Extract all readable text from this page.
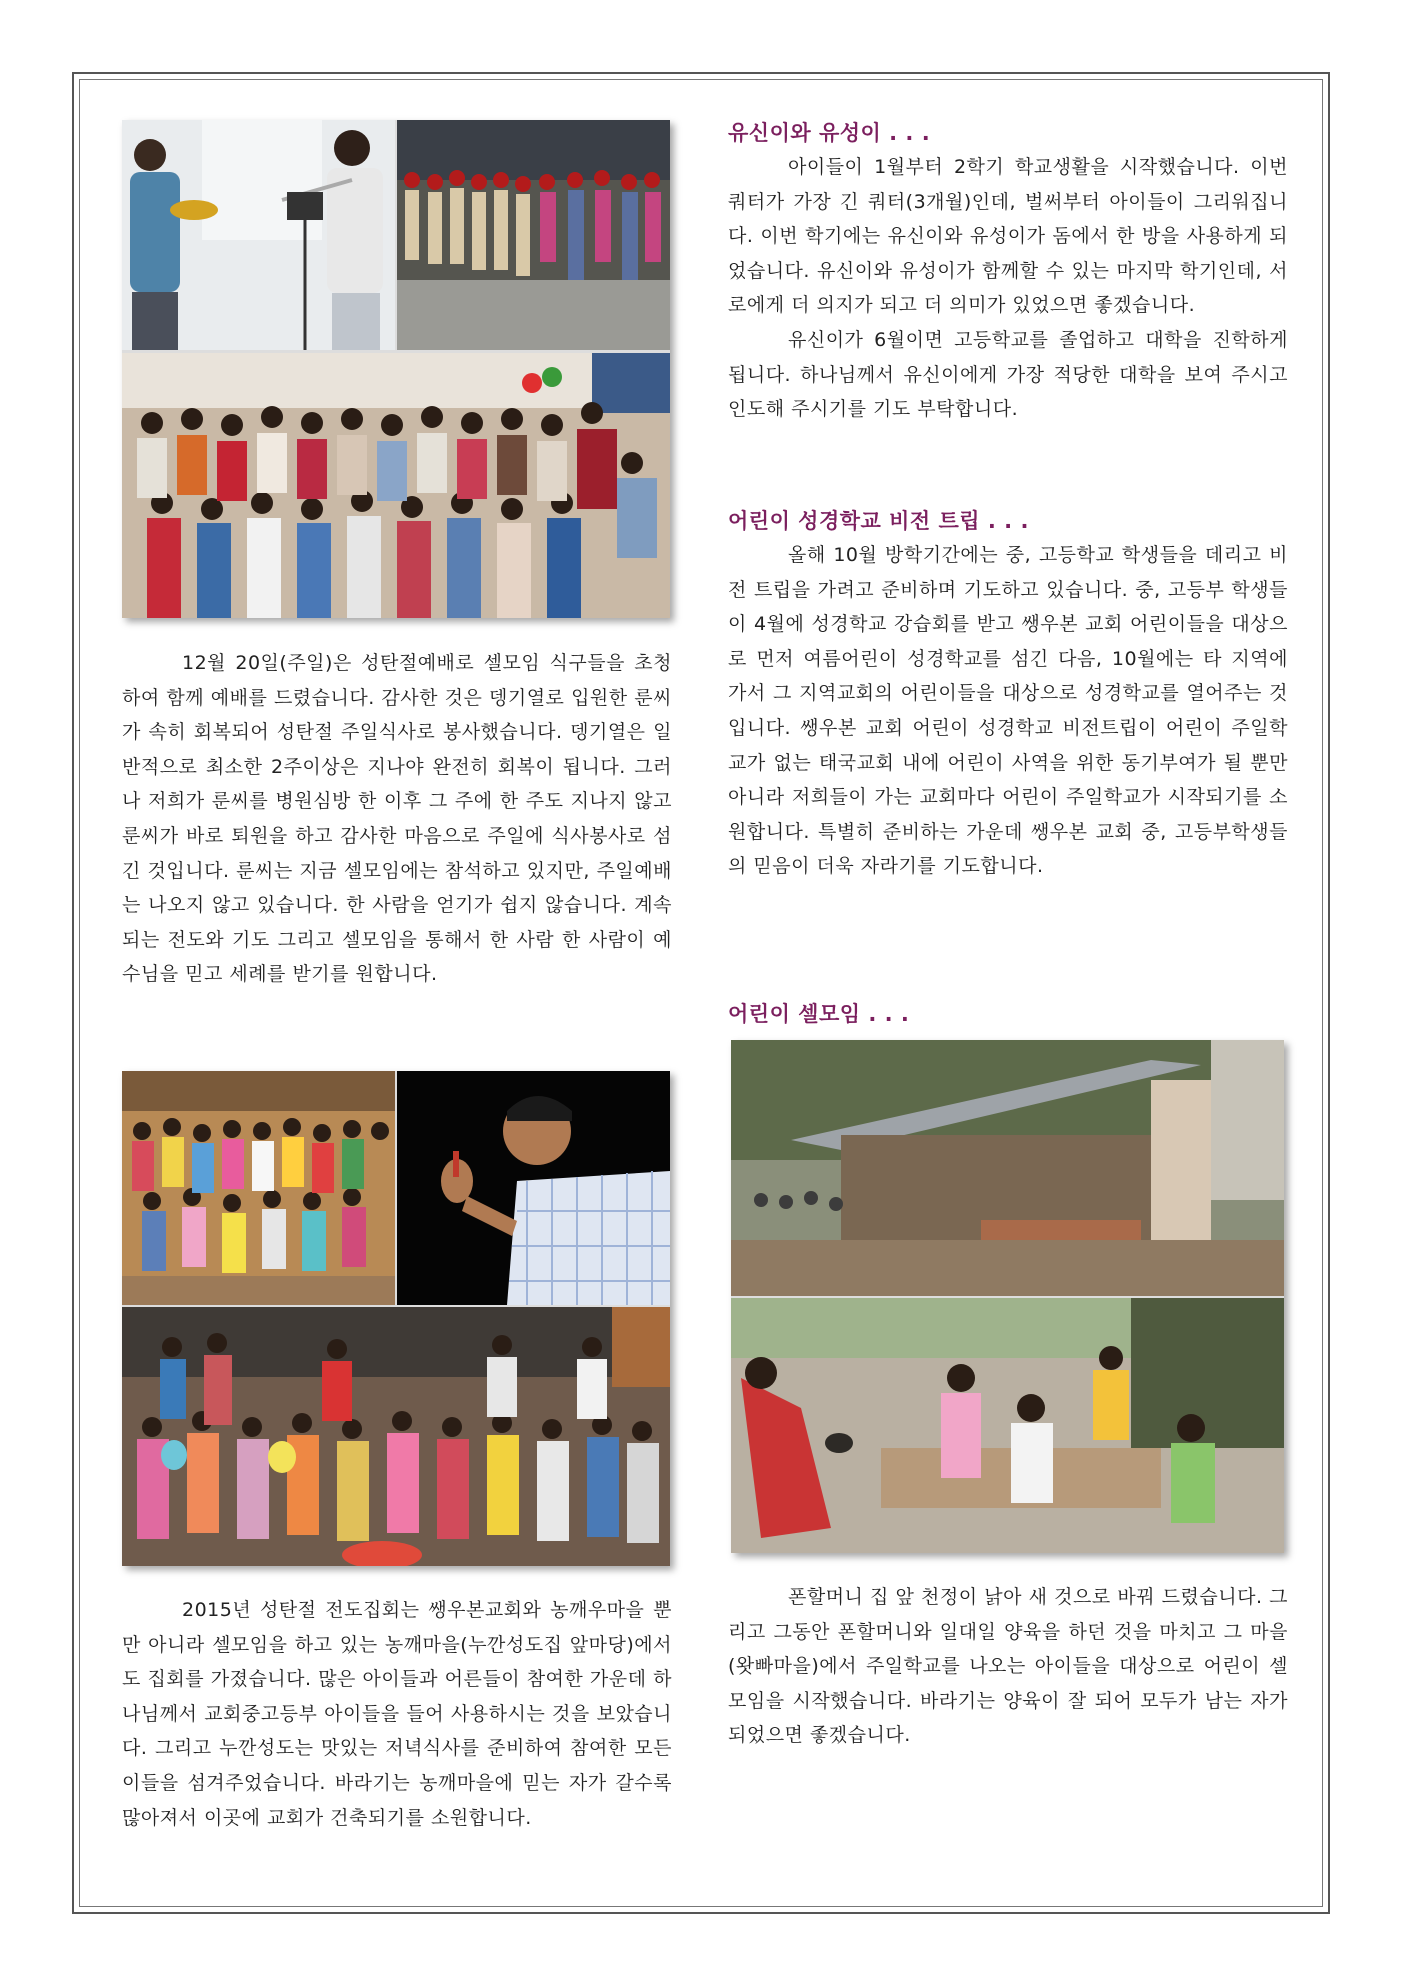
12월 20일(주일)은 성탄절예배로 셀모임 식구들을 초청하여 함께 예배를 드렸습니다. 감사한 것은 뎅기열로 입원한 룬씨가 속히 회복되어 성탄절 주일식사로 봉사했습니다. 뎅기열은 일반적으로 최소한 2주이상은 지나야 완전히 회복이 됩니다. 그러나 저희가 룬씨를 병원심방 한 이후 그 주에 한 주도 지나지 않고 룬씨가 바로 퇴원을 하고 감사한 마음으로 주일에 식사봉사로 섬긴 것입니다. 룬씨는 지금 셀모임에는 참석하고 있지만, 주일예배는 나오지 않고 있습니다. 한 사람을 얻기가 쉽지 않습니다. 계속되는 전도와 기도 그리고 셀모임을 통해서 한 사람 한 사람이 예수님을 믿고 세례를 받기를 원합니다.

2015년 성탄절 전도집회는 쌩우본교회와 농깨우마을 뿐만 아니라 셀모임을 하고 있는 농깨마을(누깐성도집 앞마당)에서도 집회를 가졌습니다. 많은 아이들과 어른들이 참여한 가운데 하나님께서 교회중고등부 아이들을 들어 사용하시는 것을 보았습니다. 그리고 누깐성도는 맛있는 저녁식사를 준비하여 참여한 모든 이들을 섬겨주었습니다. 바라기는 농깨마을에 믿는 자가 갈수록 많아져서 이곳에 교회가 건축되기를 소원합니다.

유신이와 유성이 . . .

아이들이 1월부터 2학기 학교생활을 시작했습니다. 이번 쿼터가 가장 긴 쿼터(3개월)인데, 벌써부터 아이들이 그리워집니다. 이번 학기에는 유신이와 유성이가 돔에서 한 방을 사용하게 되었습니다. 유신이와 유성이가 함께할 수 있는 마지막 학기인데, 서로에게 더 의지가 되고 더 의미가 있었으면 좋겠습니다.

유신이가 6월이면 고등학교를 졸업하고 대학을 진학하게 됩니다. 하나님께서 유신이에게 가장 적당한 대학을 보여 주시고 인도해 주시기를 기도 부탁합니다.

어린이 성경학교 비전 트립 . . .

올해 10월 방학기간에는 중, 고등학교 학생들을 데리고 비전 트립을 가려고 준비하며 기도하고 있습니다. 중, 고등부 학생들이 4월에 성경학교 강습회를 받고 쌩우본 교회 어린이들을 대상으로 먼저 여름어린이 성경학교를 섬긴 다음, 10월에는 타 지역에 가서 그 지역교회의 어린이들을 대상으로 성경학교를 열어주는 것입니다. 쌩우본 교회 어린이 성경학교 비전트립이 어린이 주일학교가 없는 태국교회 내에 어린이 사역을 위한 동기부여가 될 뿐만 아니라 저희들이 가는 교회마다 어린이 주일학교가 시작되기를 소원합니다. 특별히 준비하는 가운데 쌩우본 교회 중, 고등부학생들의 믿음이 더욱 자라기를 기도합니다.

어린이 셀모임 . . .

폰할머니 집 앞 천정이 낡아 새 것으로 바꿔 드렸습니다. 그리고 그동안 폰할머니와 일대일 양육을 하던 것을 마치고 그 마을(왓빠마을)에서 주일학교를 나오는 아이들을 대상으로 어린이 셀모임을 시작했습니다. 바라기는 양육이 잘 되어 모두가 남는 자가 되었으면 좋겠습니다.
